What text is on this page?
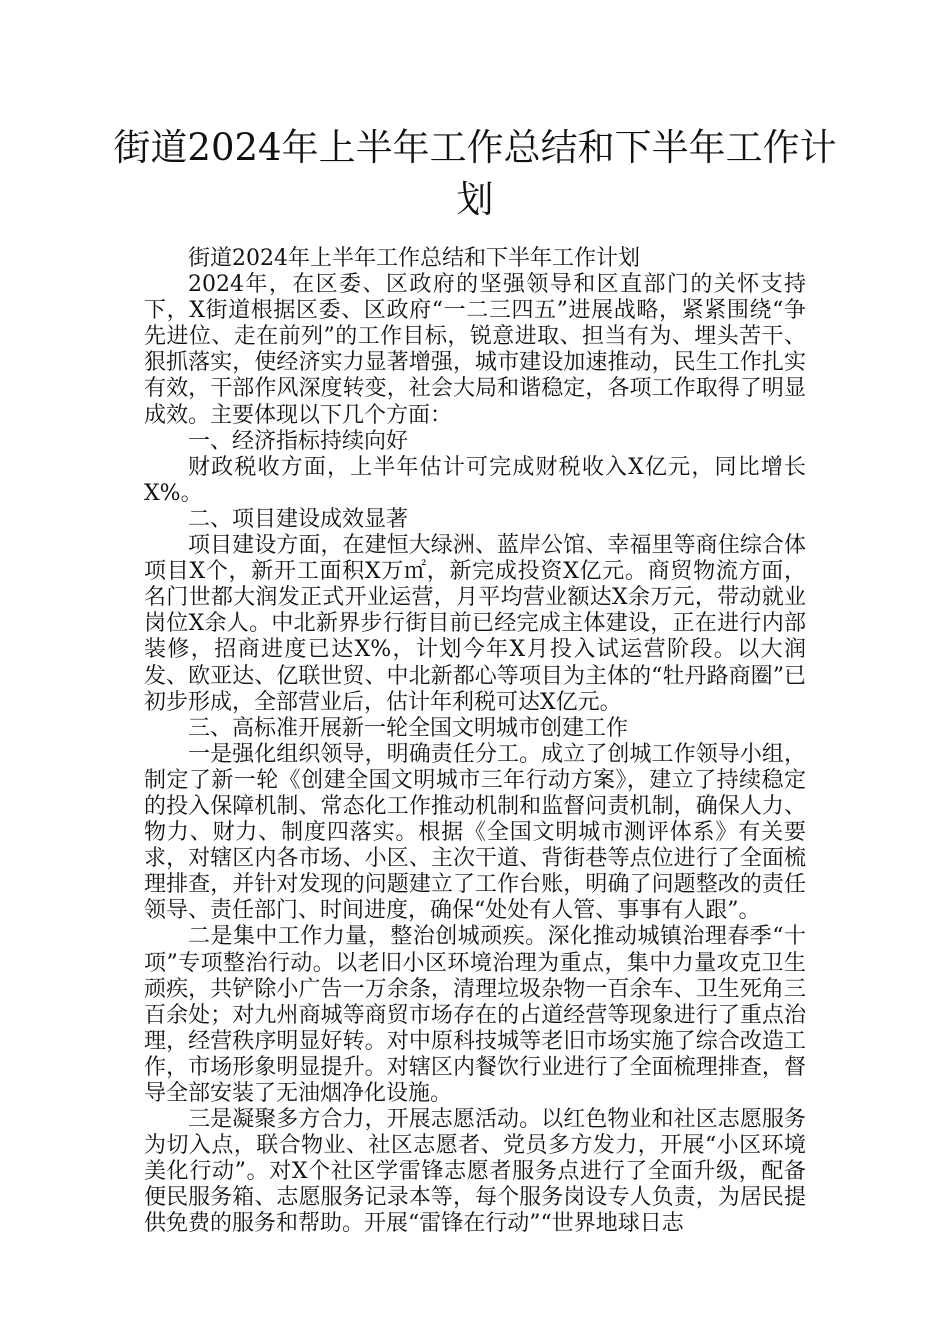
街道2024年上半年工作总结和下半年工作计划

街道2024年上半年工作总结和下半年工作计划

2024年，在区委、区政府的坚强领导和区直部门的关怀支持下，X街道根据区委、区政府“一二三四五”进展战略，紧紧围绕“争先进位、走在前列”的工作目标，锐意进取、担当有为、埋头苦干、狠抓落实，使经济实力显著增强，城市建设加速推动，民生工作扎实有效，干部作风深度转变，社会大局和谐稳定，各项工作取得了明显成效。主要体现以下几个方面：

一、经济指标持续向好

财政税收方面，上半年估计可完成财税收入X亿元，同比增长X%。

二、项目建设成效显著

项目建设方面，在建恒大绿洲、蓝岸公馆、幸福里等商住综合体项目X个，新开工面积X万㎡，新完成投资X亿元。商贸物流方面，名门世都大润发正式开业运营，月平均营业额达X余万元，带动就业岗位X余人。中北新界步行街目前已经完成主体建设，正在进行内部装修，招商进度已达X%，计划今年X月投入试运营阶段。以大润发、欧亚达、亿联世贸、中北新都心等项目为主体的“牡丹路商圈”已初步形成，全部营业后，估计年利税可达X亿元。

三、高标准开展新一轮全国文明城市创建工作

一是强化组织领导，明确责任分工。成立了创城工作领导小组，制定了新一轮《创建全国文明城市三年行动方案》，建立了持续稳定的投入保障机制、常态化工作推动机制和监督问责机制，确保人力、物力、财力、制度四落实。根据《全国文明城市测评体系》有关要求，对辖区内各市场、小区、主次干道、背街巷等点位进行了全面梳理排查，并针对发现的问题建立了工作台账，明确了问题整改的责任领导、责任部门、时间进度，确保“处处有人管、事事有人跟”。

二是集中工作力量，整治创城顽疾。深化推动城镇治理春季“十项”专项整治行动。以老旧小区环境治理为重点，集中力量攻克卫生顽疾，共铲除小广告一万余条，清理垃圾杂物一百余车、卫生死角三百余处；对九州商城等商贸市场存在的占道经营等现象进行了重点治理，经营秩序明显好转。对中原科技城等老旧市场实施了综合改造工作，市场形象明显提升。对辖区内餐饮行业进行了全面梳理排查，督导全部安装了无油烟净化设施。

三是凝聚多方合力，开展志愿活动。以红色物业和社区志愿服务为切入点，联合物业、社区志愿者、党员多方发力，开展“小区环境美化行动”。对X个社区学雷锋志愿者服务点进行了全面升级，配备便民服务箱、志愿服务记录本等，每个服务岗设专人负责，为居民提供免费的服务和帮助。开展“雷锋在行动”“世界地球日志
